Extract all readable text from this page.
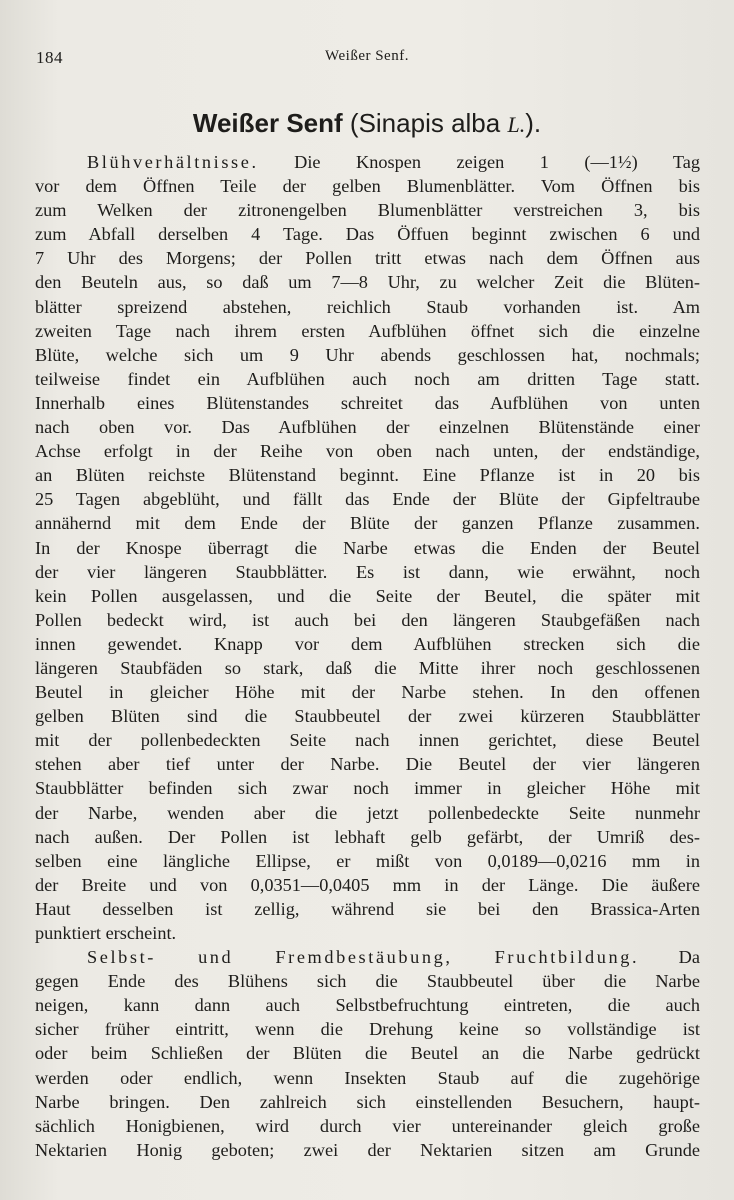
184	Weißer Senf.
Weißer Senf (Sinapis alba L.).
Blühverhältnisse. Die Knospen zeigen 1 (—1½) Tag
vor dem Öffnen Teile der gelben Blumenblätter. Vom Öffnen bis
zum Welken der zitronengelben Blumenblätter verstreichen 3, bis
zum Abfall derselben 4 Tage. Das Öffuen beginnt zwischen 6 und
7 Uhr des Morgens; der Pollen tritt etwas nach dem Öffnen aus
den Beuteln aus, so daß um 7—8 Uhr, zu welcher Zeit die Blüten-
blätter spreizend abstehen, reichlich Staub vorhanden ist. Am
zweiten Tage nach ihrem ersten Aufblühen öffnet sich die einzelne
Blüte, welche sich um 9 Uhr abends geschlossen hat, nochmals;
teilweise findet ein Aufblühen auch noch am dritten Tage statt.
Innerhalb eines Blütenstandes schreitet das Aufblühen von unten
nach oben vor. Das Aufblühen der einzelnen Blütenstände einer
Achse erfolgt in der Reihe von oben nach unten, der endständige,
an Blüten reichste Blütenstand beginnt. Eine Pflanze ist in 20 bis
25 Tagen abgeblüht, und fällt das Ende der Blüte der Gipfeltraube
annähernd mit dem Ende der Blüte der ganzen Pflanze zusammen.
In der Knospe überragt die Narbe etwas die Enden der Beutel
der vier längeren Staubblätter. Es ist dann, wie erwähnt, noch
kein Pollen ausgelassen, und die Seite der Beutel, die später mit
Pollen bedeckt wird, ist auch bei den längeren Staubgefäßen nach
innen gewendet. Knapp vor dem Aufblühen strecken sich die
längeren Staubfäden so stark, daß die Mitte ihrer noch geschlossenen
Beutel in gleicher Höhe mit der Narbe stehen. In den offenen
gelben Blüten sind die Staubbeutel der zwei kürzeren Staubblätter
mit der pollenbedeckten Seite nach innen gerichtet, diese Beutel
stehen aber tief unter der Narbe. Die Beutel der vier längeren
Staubblätter befinden sich zwar noch immer in gleicher Höhe mit
der Narbe, wenden aber die jetzt pollenbedeckte Seite nunmehr
nach außen. Der Pollen ist lebhaft gelb gefärbt, der Umriß des-
selben eine längliche Ellipse, er mißt von 0,0189—0,0216 mm in
der Breite und von 0,0351—0,0405 mm in der Länge. Die äußere
Haut desselben ist zellig, während sie bei den Brassica-Arten
punktiert erscheint.
Selbst- und Fremdbestäubung, Fruchtbildung. Da
gegen Ende des Blühens sich die Staubbeutel über die Narbe
neigen, kann dann auch Selbstbefruchtung eintreten, die auch
sicher früher eintritt, wenn die Drehung keine so vollständige ist
oder beim Schließen der Blüten die Beutel an die Narbe gedrückt
werden oder endlich, wenn Insekten Staub auf die zugehörige
Narbe bringen. Den zahlreich sich einstellenden Besuchern, haupt-
sächlich Honigbienen, wird durch vier untereinander gleich große
Nektarien Honig geboten; zwei der Nektarien sitzen am Grunde
